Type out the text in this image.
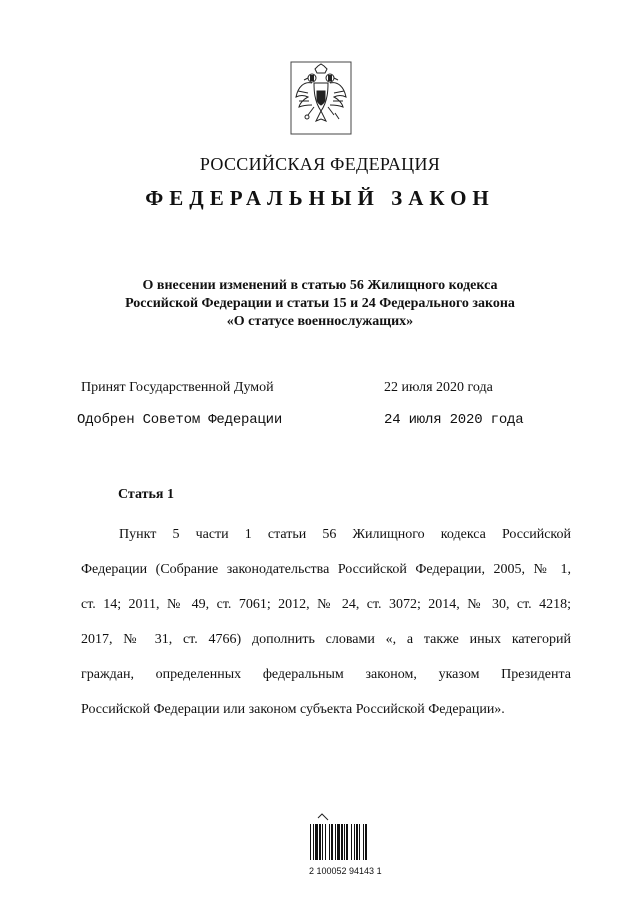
РОССИЙСКАЯ ФЕДЕРАЦИЯ
ФЕДЕРАЛЬНЫЙ ЗАКОН
О внесении изменений в статью 56 Жилищного кодекса
Российской Федерации и статьи 15 и 24 Федерального закона
«О статусе военнослужащих»
Принят Государственной Думой	22 июля 2020 года
Одобрен Советом Федерации	24 июля 2020 года
Статья 1
Пункт 5 части 1 статьи 56 Жилищного кодекса Российской
Федерации (Собрание законодательства Российской Федерации, 2005, № 1,
ст. 14; 2011, № 49, ст. 7061; 2012, № 24, ст. 3072; 2014, № 30, ст. 4218;
2017, № 31, ст. 4766) дополнить словами «, а также иных категорий
граждан, определенных федеральным законом, указом Президента
Российской Федерации или законом субъекта Российской Федерации».
2 100052 94143 1
